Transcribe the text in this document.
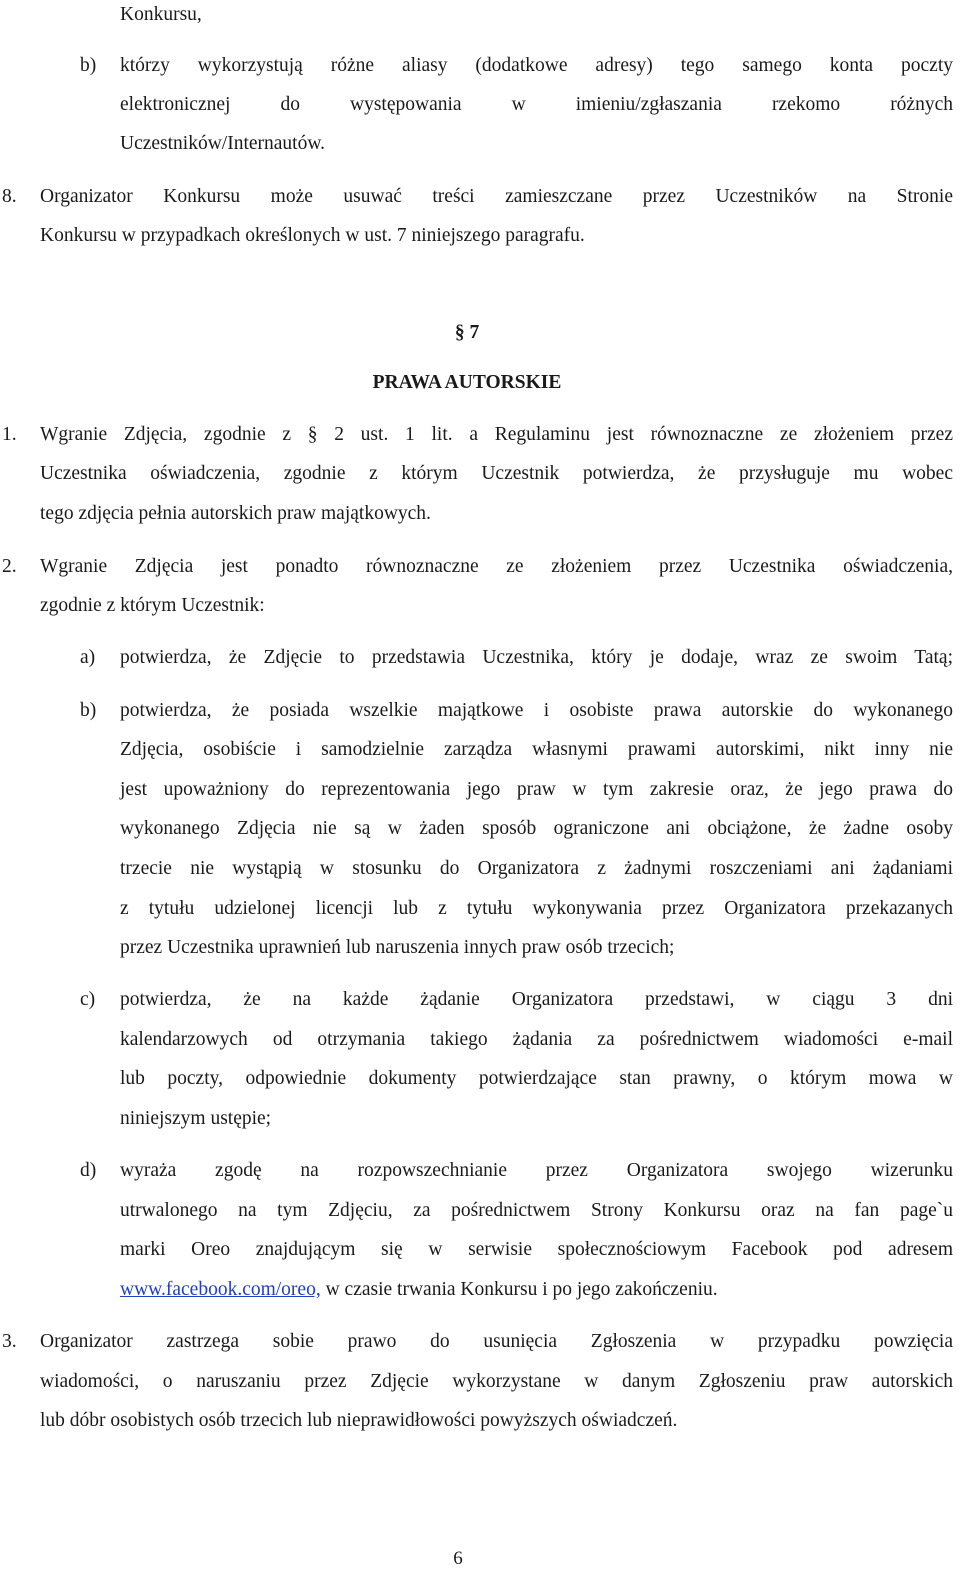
Konkursu,
b) którzy wykorzystują różne aliasy (dodatkowe adresy) tego samego konta poczty
elektronicznej do występowania w imieniu/zgłaszania rzekomo różnych
Uczestników/Internautów.
8. Organizator Konkursu może usuwać treści zamieszczane przez Uczestników na Stronie
Konkursu w przypadkach określonych w ust. 7 niniejszego paragrafu.
§ 7
PRAWA AUTORSKIE
1. Wgranie Zdjęcia, zgodnie z § 2 ust. 1 lit. a Regulaminu jest równoznaczne ze złożeniem przez
Uczestnika oświadczenia, zgodnie z którym Uczestnik potwierdza, że przysługuje mu wobec
tego zdjęcia pełnia autorskich praw majątkowych.
2. Wgranie Zdjęcia jest ponadto równoznaczne ze złożeniem przez Uczestnika oświadczenia,
zgodnie z którym Uczestnik:
a) potwierdza, że Zdjęcie to przedstawia Uczestnika, który je dodaje, wraz ze swoim Tatą;
b) potwierdza, że posiada wszelkie majątkowe i osobiste prawa autorskie do wykonanego
Zdjęcia, osobiście i samodzielnie zarządza własnymi prawami autorskimi, nikt inny nie
jest upoważniony do reprezentowania jego praw w tym zakresie oraz, że jego prawa do
wykonanego Zdjęcia nie są w żaden sposób ograniczone ani obciążone, że żadne osoby
trzecie nie wystąpią w stosunku do Organizatora z żadnymi roszczeniami ani żądaniami
z tytułu udzielonej licencji lub z tytułu wykonywania przez Organizatora przekazanych
przez Uczestnika uprawnień lub naruszenia innych praw osób trzecich;
c) potwierdza, że na każde żądanie Organizatora przedstawi, w ciągu 3 dni
kalendarzowych od otrzymania takiego żądania za pośrednictwem wiadomości e-mail
lub poczty, odpowiednie dokumenty potwierdzające stan prawny, o którym mowa w
niniejszym ustępie;
d) wyraża zgodę na rozpowszechnianie przez Organizatora swojego wizerunku
utrwalonego na tym Zdjęciu, za pośrednictwem Strony Konkursu oraz na fan page`u
marki Oreo znajdującym się w serwisie społecznościowym Facebook pod adresem
www.facebook.com/oreo, w czasie trwania Konkursu i po jego zakończeniu.
3. Organizator zastrzega sobie prawo do usunięcia Zgłoszenia w przypadku powzięcia
wiadomości, o naruszaniu przez Zdjęcie wykorzystane w danym Zgłoszeniu praw autorskich
lub dóbr osobistych osób trzecich lub nieprawidłowości powyższych oświadczeń.
6
